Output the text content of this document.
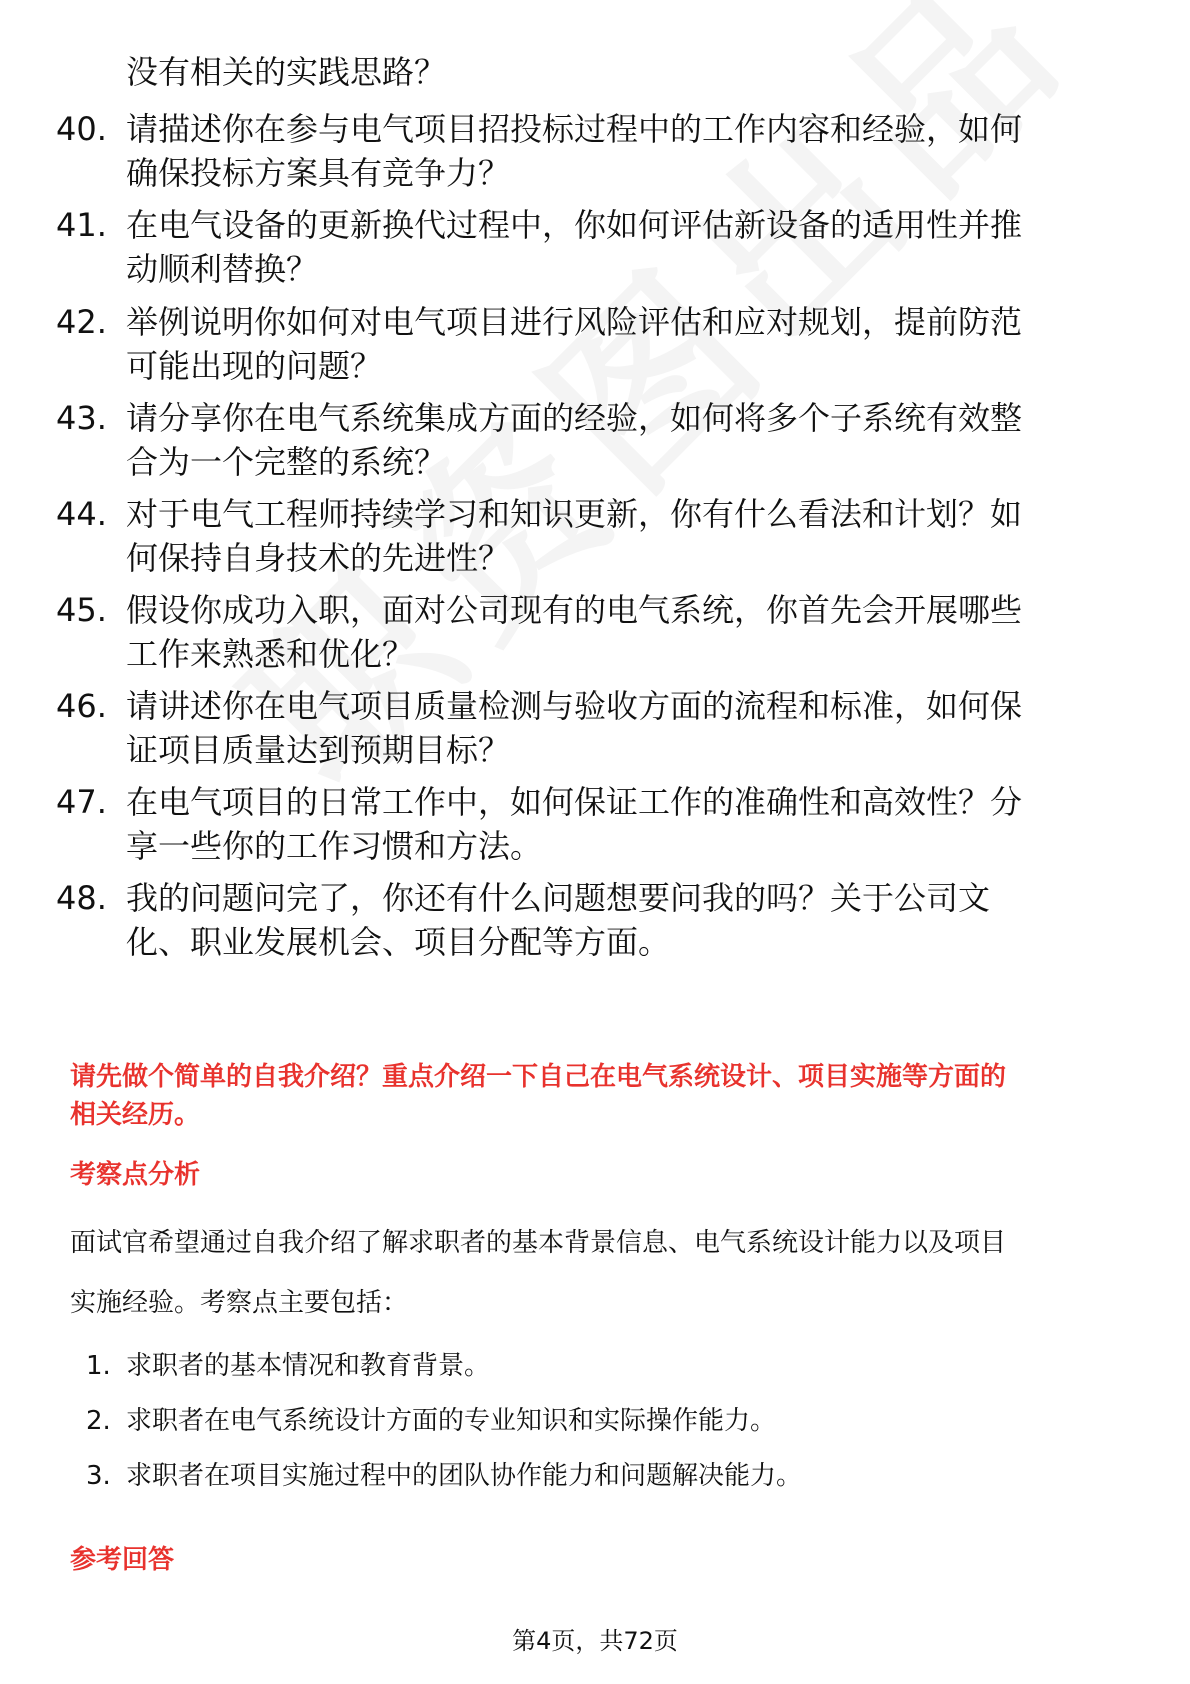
没有相关的实践思路？
40. 请描述你在参与电气项目招投标过程中的工作内容和经验，如何
确保投标方案具有竞争力？
41. 在电气设备的更新换代过程中，你如何评估新设备的适用性并推
动顺利替换？
42. 举例说明你如何对电气项目进行风险评估和应对规划，提前防范
可能出现的问题？
43. 请分享你在电气系统集成方面的经验，如何将多个子系统有效整
合为一个完整的系统？
44. 对于电气工程师持续学习和知识更新，你有什么看法和计划？如
何保持自身技术的先进性？
45. 假设你成功入职，面对公司现有的电气系统，你首先会开展哪些
工作来熟悉和优化？
46. 请讲述你在电气项目质量检测与验收方面的流程和标准，如何保
证项目质量达到预期目标？
47. 在电气项目的日常工作中，如何保证工作的准确性和高效性？分
享一些你的工作习惯和方法。
48. 我的问题问完了，你还有什么问题想要问我的吗？关于公司文
化、职业发展机会、项目分配等方面。
请先做个简单的自我介绍？重点介绍一下自己在电气系统设计、项目实施等方面的
相关经历。
考察点分析
面试官希望通过自我介绍了解求职者的基本背景信息、电气系统设计能力以及项目
实施经验。考察点主要包括：
1. 求职者的基本情况和教育背景。
2. 求职者在电气系统设计方面的专业知识和实际操作能力。
3. 求职者在项目实施过程中的团队协作能力和问题解决能力。
参考回答
第4页，共72页
